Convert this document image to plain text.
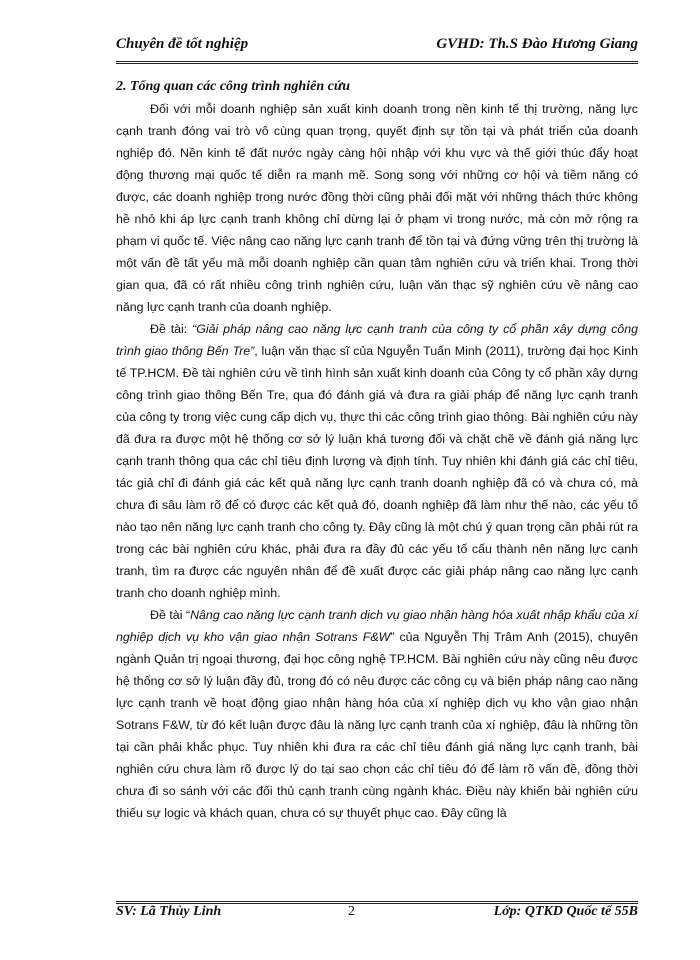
Chuyên đề tốt nghiệp	GVHD: Th.S Đào Hương Giang
2. Tổng quan các công trình nghiên cứu

Đối với mỗi doanh nghiệp sản xuất kinh doanh trong nền kinh tế thị trường, năng lực cạnh tranh đóng vai trò vô cùng quan trọng, quyết định sự tồn tại và phát triển của doanh nghiệp đó. Nền kinh tế đất nước ngày càng hội nhập với khu vực và thế giới thúc đẩy hoạt động thương mại quốc tế diễn ra mạnh mẽ. Song song với những cơ hội và tiềm năng có được, các doanh nghiệp trong nước đồng thời cũng phải đối mặt với những thách thức không hề nhỏ khi áp lực cạnh tranh không chỉ dừng lại ở phạm vi trong nước, mà còn mở rộng ra phạm vi quốc tế. Việc nâng cao năng lực cạnh tranh để tồn tại và đứng vững trên thị trường là một vấn đề tất yếu mà mỗi doanh nghiệp cần quan tâm nghiên cứu và triển khai. Trong thời gian qua, đã có rất nhiều công trình nghiên cứu, luận văn thạc sỹ nghiên cứu về nâng cao năng lực cạnh tranh của doanh nghiệp.

Đề tài: “Giải pháp nâng cao năng lực cạnh tranh của công ty cổ phần xây dựng công trình giao thông Bến Tre”, luận văn thạc sĩ của Nguyễn Tuấn Minh (2011), trường đại học Kinh tế TP.HCM. Đề tài nghiên cứu về tình hình sản xuất kinh doanh của Công ty cổ phần xây dựng công trình giao thông Bến Tre, qua đó đánh giá và đưa ra giải pháp để năng lực cạnh tranh của công ty trong việc cung cấp dịch vụ, thực thi các công trình giao thông. Bài nghiên cứu này đã đưa ra được một hệ thống cơ sở lý luận khá tương đối và chặt chẽ về đánh giá năng lực cạnh tranh thông qua các chỉ tiêu định lượng và định tính. Tuy nhiên khi đánh giá các chỉ tiêu, tác giả chỉ đi đánh giá các kết quả năng lực cạnh tranh doanh nghiệp đã có và chưa có, mà chưa đi sâu làm rõ để có được các kết quả đó, doanh nghiệp đã làm như thế nào, các yếu tố nào tạo nên năng lực cạnh tranh cho công ty. Đây cũng là một chú ý quan trọng cần phải rút ra trong các bài nghiên cứu khác, phải đưa ra đầy đủ các yếu tố cấu thành nên năng lực cạnh tranh, tìm ra được các nguyên nhân để đề xuất được các giải pháp nâng cao năng lực cạnh tranh cho doanh nghiệp mình.

Đề tài “Nâng cao năng lực cạnh tranh dịch vụ giao nhận hàng hóa xuất nhập khẩu của xí nghiệp dịch vụ kho vận giao nhận Sotrans F&W” của Nguyễn Thị Trâm Anh (2015), chuyên ngành Quản trị ngoại thương, đại học công nghệ TP.HCM. Bài nghiên cứu này cũng nêu được hệ thống cơ sở lý luận đầy đủ, trong đó có nêu được các công cụ và biện pháp nâng cao năng lực cạnh tranh về hoạt động giao nhận hàng hóa của xí nghiệp dịch vụ kho vận giao nhận Sotrans F&W, từ đó kết luận được đâu là năng lực cạnh tranh của xí nghiệp, đâu là những tồn tại cần phải khắc phục. Tuy nhiên khi đưa ra các chỉ tiêu đánh giá năng lực cạnh tranh, bài nghiên cứu chưa làm rõ được lý do tại sao chọn các chỉ tiêu đó để làm rõ vấn đề, đồng thời chưa đi so sánh với các đối thủ cạnh tranh cùng ngành khác. Điều này khiến bài nghiên cứu thiếu sự logic và khách quan, chưa có sự thuyết phục cao. Đây cũng là

SV: Lã Thùy Linh	2	Lớp: QTKD Quốc tế 55B
